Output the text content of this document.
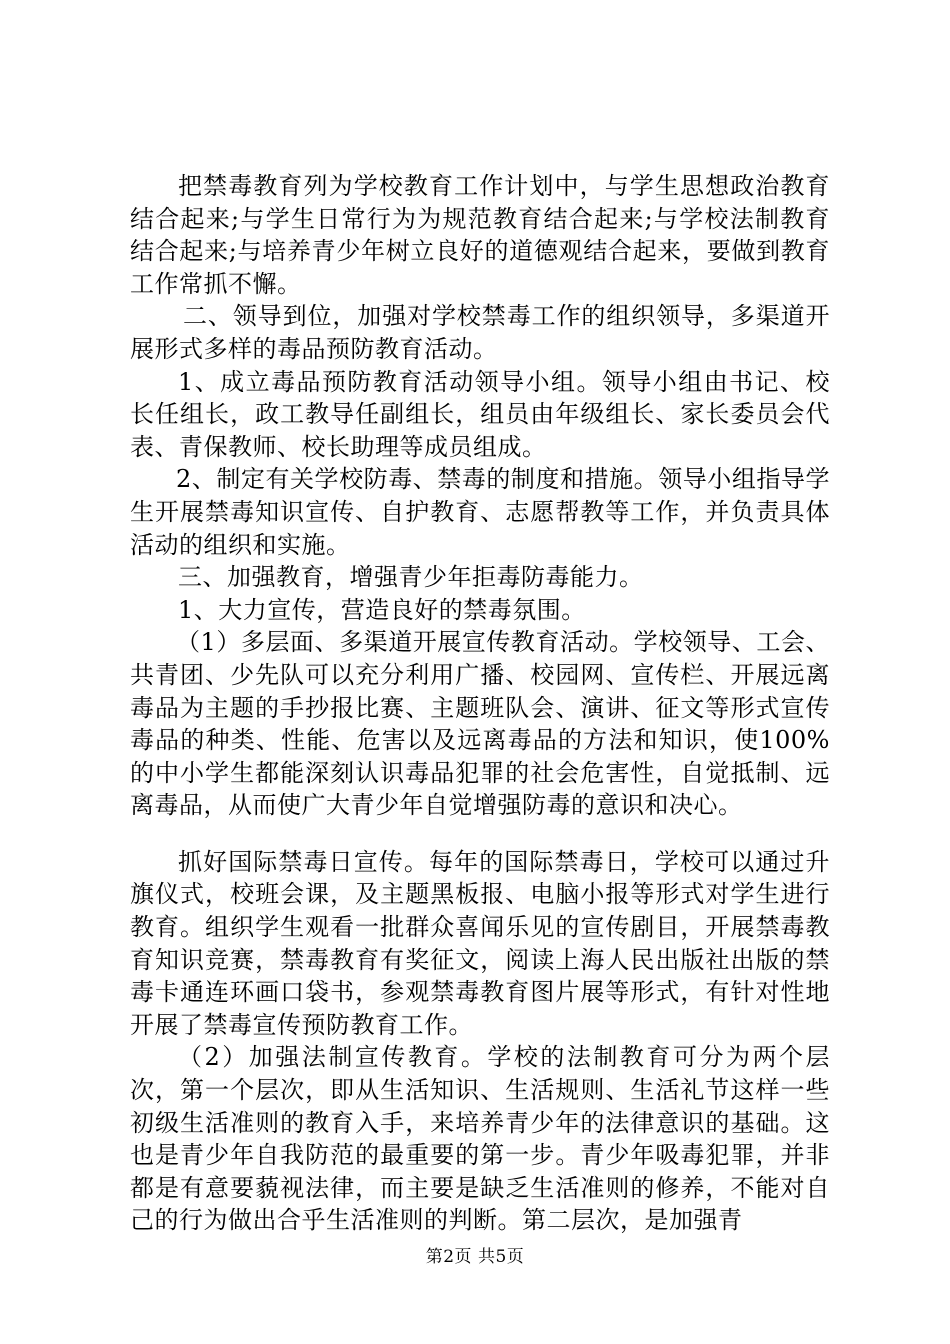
把禁毒教育列为学校教育工作计划中，与学生思想政治教育结合起来;与学生日常行为为规范教育结合起来;与学校法制教育结合起来;与培养青少年树立良好的道德观结合起来，要做到教育工作常抓不懈。

二、领导到位，加强对学校禁毒工作的组织领导，多渠道开展形式多样的毒品预防教育活动。

1、成立毒品预防教育活动领导小组。领导小组由书记、校长任组长，政工教导任副组长，组员由年级组长、家长委员会代表、青保教师、校长助理等成员组成。

2、制定有关学校防毒、禁毒的制度和措施。领导小组指导学生开展禁毒知识宣传、自护教育、志愿帮教等工作，并负责具体活动的组织和实施。

三、加强教育，增强青少年拒毒防毒能力。

1、大力宣传，营造良好的禁毒氛围。

（1）多层面、多渠道开展宣传教育活动。学校领导、工会、共青团、少先队可以充分利用广播、校园网、宣传栏、开展远离毒品为主题的手抄报比赛、主题班队会、演讲、征文等形式宣传毒品的种类、性能、危害以及远离毒品的方法和知识，使100%的中小学生都能深刻认识毒品犯罪的社会危害性，自觉抵制、远离毒品，从而使广大青少年自觉增强防毒的意识和决心。

抓好国际禁毒日宣传。每年的国际禁毒日，学校可以通过升旗仪式，校班会课，及主题黑板报、电脑小报等形式对学生进行教育。组织学生观看一批群众喜闻乐见的宣传剧目，开展禁毒教育知识竞赛，禁毒教育有奖征文，阅读上海人民出版社出版的禁毒卡通连环画口袋书，参观禁毒教育图片展等形式，有针对性地开展了禁毒宣传预防教育工作。

（2）加强法制宣传教育。学校的法制教育可分为两个层次，第一个层次，即从生活知识、生活规则、生活礼节这样一些初级生活准则的教育入手，来培养青少年的法律意识的基础。这也是青少年自我防范的最重要的第一步。青少年吸毒犯罪，并非都是有意要藐视法律，而主要是缺乏生活准则的修养，不能对自己的行为做出合乎生活准则的判断。第二层次，是加强青

第2页 共5页
